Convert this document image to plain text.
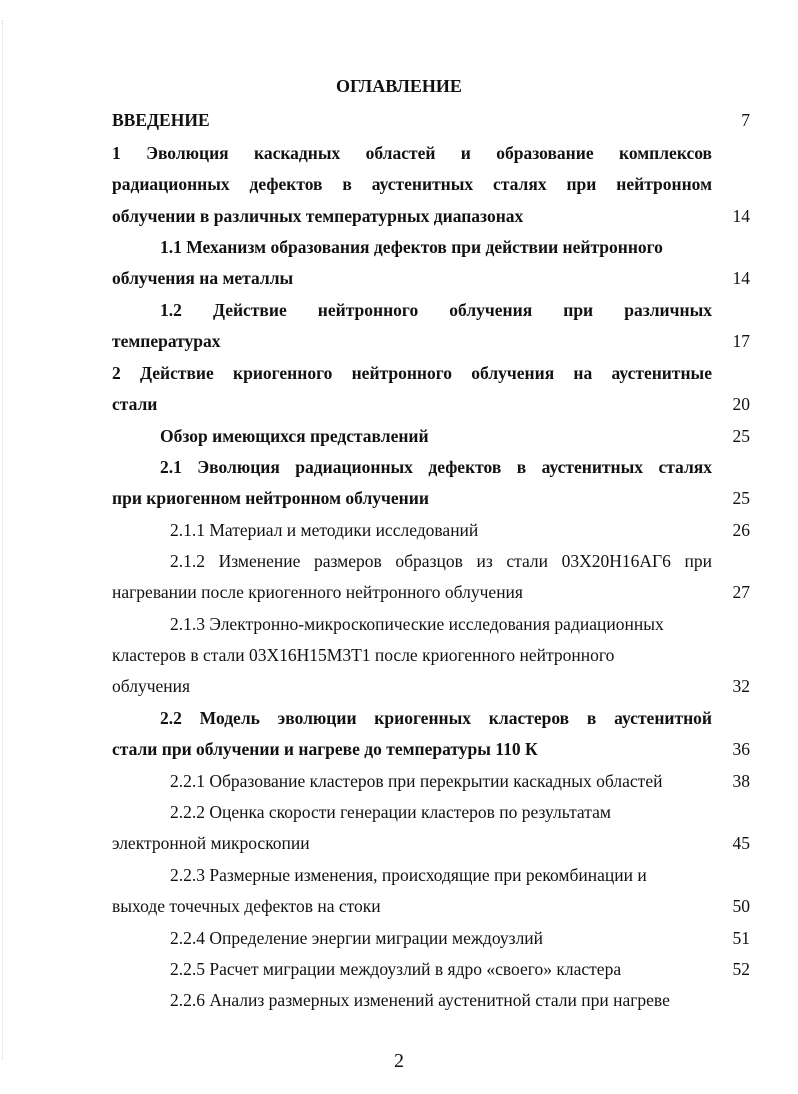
ОГЛАВЛЕНИЕ
ВВЕДЕНИЕ	7
1 Эволюция каскадных областей и образование комплексов
радиационных дефектов в аустенитных сталях при нейтронном
облучении в различных температурных диапазонах	14
1.1 Механизм образования дефектов при действии нейтронного
облучения на металлы	14
1.2 Действие нейтронного облучения при различных
температурах	17
2 Действие криогенного нейтронного облучения на аустенитные
стали	20
Обзор имеющихся представлений	25
2.1 Эволюция радиационных дефектов в аустенитных сталях
при криогенном нейтронном облучении	25
2.1.1 Материал и методики исследований	26
2.1.2 Изменение размеров образцов из стали 03Х20Н16АГ6 при
нагревании после криогенного нейтронного облучения	27
2.1.3 Электронно-микроскопические исследования радиационных
кластеров в стали 03Х16Н15М3Т1 после криогенного нейтронного
облучения	32
2.2 Модель эволюции криогенных кластеров в аустенитной
стали при облучении и нагреве до температуры 110 К	36
2.2.1 Образование кластеров при перекрытии каскадных областей	38
2.2.2 Оценка скорости генерации кластеров по результатам
электронной микроскопии	45
2.2.3 Размерные изменения, происходящие при рекомбинации и
выходе точечных дефектов на стоки	50
2.2.4 Определение энергии миграции междоузлий	51
2.2.5 Расчет миграции междоузлий в ядро «своего» кластера	52
2.2.6 Анализ размерных изменений аустенитной стали при нагреве
2
